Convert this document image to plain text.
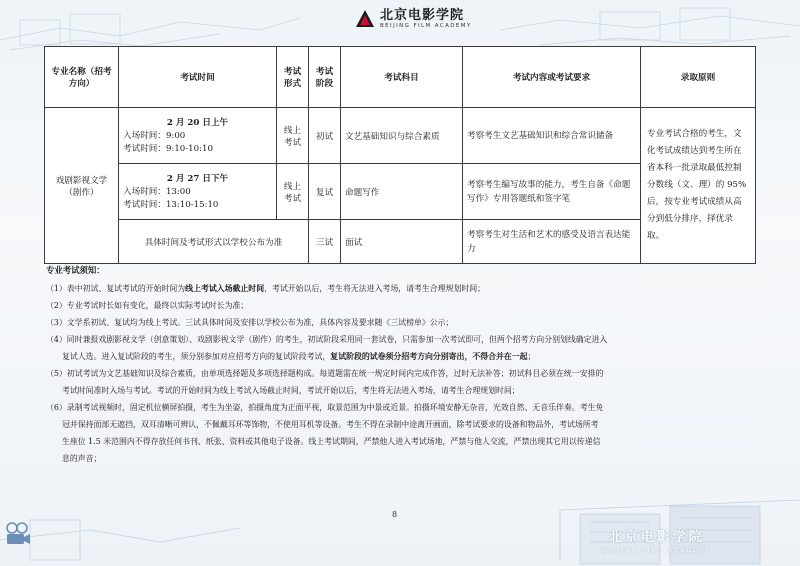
北京电影学院
BEIJING FILM ACADEMY
专业名称（招考方向）	考试时间	考试形式	考试阶段	考试科目	考试内容或考试要求	录取原则
戏剧影视文学（剧作）	2 月 20 日上午
入场时间：9:00
考试时间：9:10-10:10	线上考试	初试	文艺基础知识与综合素质	考察考生文艺基础知识和综合常识储备	专业考试合格的考生，文化考试成绩达到考生所在省本科一批录取最低控制分数线（文、理）的 95%后，按专业考试成绩从高分到低分排序，择优录取。

	2 月 27 日下午
入场时间：13:00
考试时间：13:10-15:10	线上考试	复试	命题写作	考察考生编写故事的能力，考生自备《命题写作》专用答题纸和签字笔	
	具体时间及考试形式以学校公布为准		三试	面试	考察考生对生活和艺术的感受及语言表达能力	
专业考试须知：
（1）表中初试、复试考试的开始时间为线上考试入场截止时间，考试开始以后，考生将无法进入考场，请考生合理规划时间；
（2）专业考试时长如有变化，最终以实际考试时长为准；
（3）文学系初试、复试均为线上考试。三试具体时间及安排以学校公布为准，具体内容及要求随《三试榜单》公示；
（4）同时兼报戏剧影视文学（创意策划）、戏剧影视文学（剧作）的考生，初试阶段采用同一套试卷，只需参加一次考试即可，但两个招考方向分别划线确定进入
复试人选。进入复试阶段的考生，须分别参加对应招考方向的复试阶段考试，复试阶段的试卷须分招考方向分别寄出，不得合并在一起；
（5）初试考试为文艺基础知识及综合素质，由单项选择题及多项选择题构成。每道题需在统一规定时间内完成作答，过时无法补答；初试科目必须在统一安排的
考试时间准时入场与考试。考试的开始时间为线上考试入场截止时间，考试开始以后，考生将无法进入考场，请考生合理规划时间；
（6）录制考试视频时，固定机位横屏拍摄，考生为坐姿，拍摄角度为正面平视，取景范围为中景或近景。拍摄环境安静无杂音，光效自然、无音乐伴奏。考生免
冠并保持面部无遮挡，双耳清晰可辨认，不佩戴耳环等饰物，不使用耳机等设备。考生不得在录制中途离开画面，除考试要求的设备和物品外，考试场所考
生座位 1.5 米范围内不得存放任何书刊、纸张、资料或其他电子设备。线上考试期间，严禁他人进入考试场地，严禁与他人交流，严禁出现其它用以传递信
息的声音；
8
北京电影学院
BEIJING FILM ACADEMY
